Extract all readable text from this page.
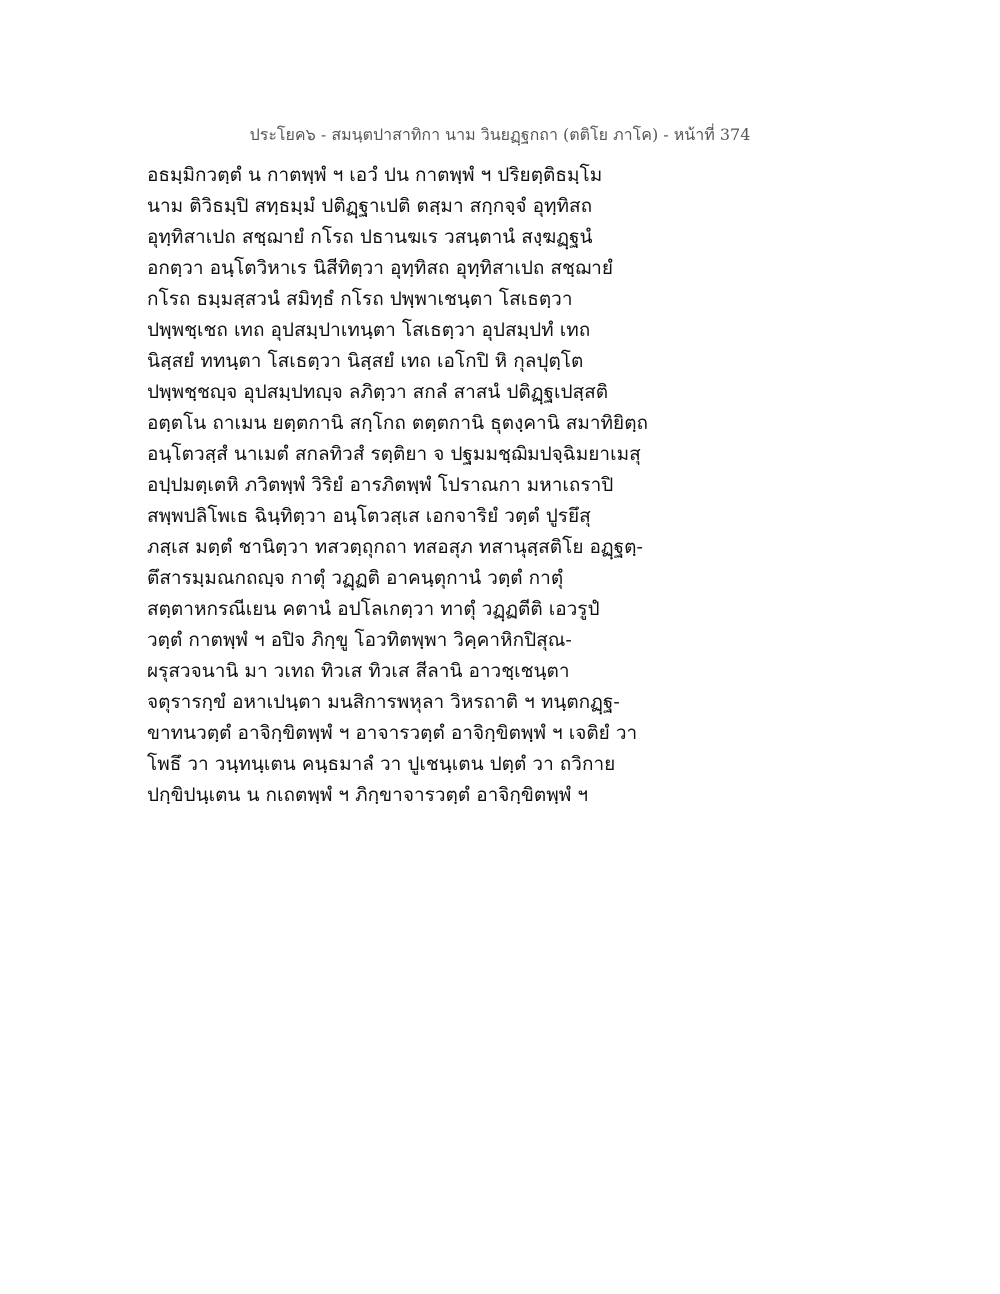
ประโยค๖ - สมนฺตปาสาทิกา นาม วินยฏฺฐกถา (ตติโย ภาโค) - หน้าที่ 374
อธมฺมิกวตฺตํ น กาตพฺพํ ฯ เอวํ ปน กาตพฺพํ ฯ ปริยตฺติธมฺโม
นาม ติวิธมฺปิ สทฺธมฺมํ ปติฏฺฐาเปติ ตสฺมา สกฺกจฺจํ อุทฺทิสถ
อุทฺทิสาเปถ สชฺฌายํ กโรถ ปธานฆเร วสนฺตานํ สงฺฆฏฺฐนํ
อกตฺวา อนฺโตวิหาเร นิสีทิตฺวา อุทฺทิสถ อุทฺทิสาเปถ สชฺฌายํ
กโรถ ธมฺมสฺสวนํ สมิทฺธํ กโรถ ปพฺพาเชนฺตา โสเธตฺวา
ปพฺพชฺเชถ เทถ อุปสมฺปาเทนฺตา โสเธตฺวา อุปสมฺปทํ เทถ
นิสฺสยํ ททนฺตา โสเธตฺวา นิสฺสยํ เทถ เอโกปิ หิ กุลปุตฺโต
ปพฺพชฺชญฺจ อุปสมฺปทญฺจ ลภิตฺวา สกลํ สาสนํ ปติฏฺฐเปสฺสติ
อตฺตโน ถาเมน ยตฺตกานิ สกฺโกถ ตตฺตกานิ ธุตงฺคานิ สมาทิยิตฺถ
อนฺโตวสฺสํ นาเมตํ สกลทิวสํ รตฺติยา จ ปฐมมชฺฌิมปจฺฉิมยาเมสุ
อปฺปมตฺเตหิ ภวิตพฺพํ วิริยํ อารภิตพฺพํ โปราณกา มหาเถราปิ
สพฺพปลิโพเธ ฉินฺทิตฺวา อนฺโตวสฺเส เอกจาริยํ วตฺตํ ปูรยึสุ
ภสฺเส มตฺตํ ชานิตฺวา ทสวตฺถุกถา ทสอสุภ ทสานุสฺสติโย อฏฺฐตฺ-
ตึสารมฺมณกถญฺจ กาตุํ วฏฺฏติ อาคนฺตุกานํ วตฺตํ กาตุํ
สตฺตาหกรณีเยน คตานํ อปโลเกตฺวา ทาตุํ วฏฺฏตีติ เอวรูปํ
วตฺตํ กาตพฺพํ ฯ อปิจ ภิกฺขู โอวทิตพฺพา วิคฺคาหิกปิสุณ-
ผรุสวจนานิ มา วเทถ ทิวเส ทิวเส สีลานิ อาวชฺเชนฺตา
จตุรารกฺขํ อหาเปนฺตา มนสิการพหุลา วิหรถาติ ฯ ทนฺตกฏฺฐ-
ขาทนวตฺตํ อาจิกฺขิตพฺพํ ฯ อาจารวตฺตํ อาจิกฺขิตพฺพํ ฯ เจติยํ วา
โพธึ วา วนฺทนฺเตน คนฺธมาลํ วา ปูเชนฺเตน ปตฺตํ วา ถวิกาย
ปกฺขิปนฺเตน น กเถตพฺพํ ฯ ภิกฺขาจารวตฺตํ อาจิกฺขิตพฺพํ ฯ
